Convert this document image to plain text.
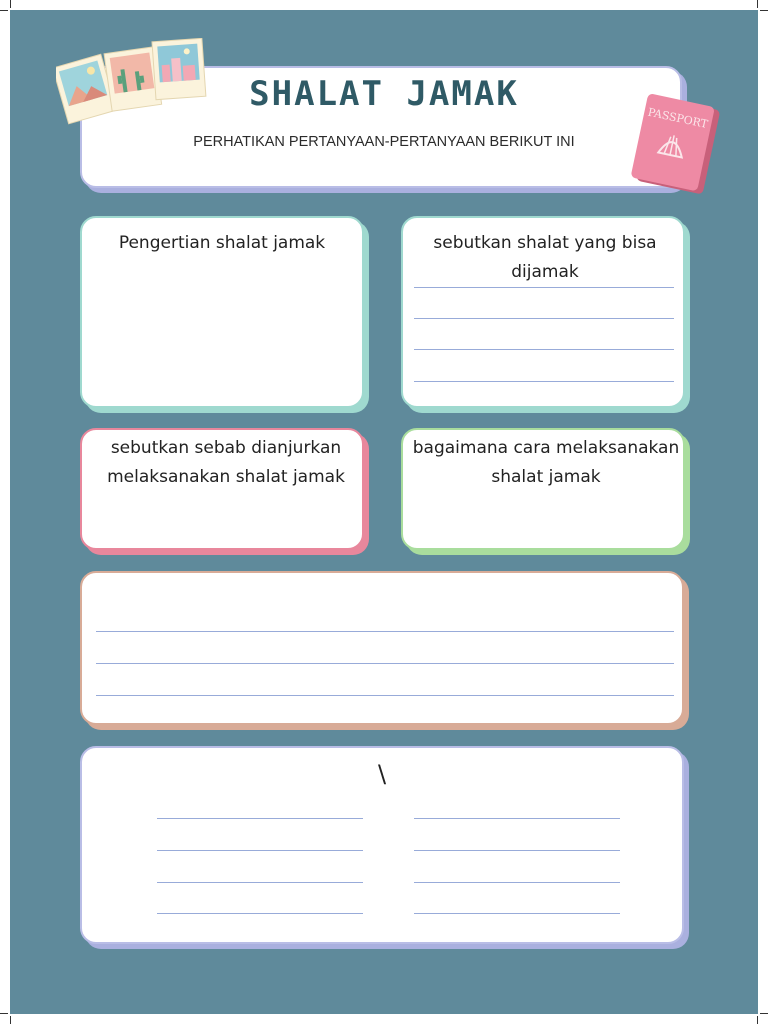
SHALAT JAMAK

PERHATIKAN PERTANYAAN-PERTANYAAN BERIKUT INI

PASSPORT

Pengertian shalat jamak	sebutkan shalat yang bisa dijamak

sebutkan sebab dianjurkan melaksanakan shalat jamak

bagaimana cara melaksanakan shalat jamak

\
